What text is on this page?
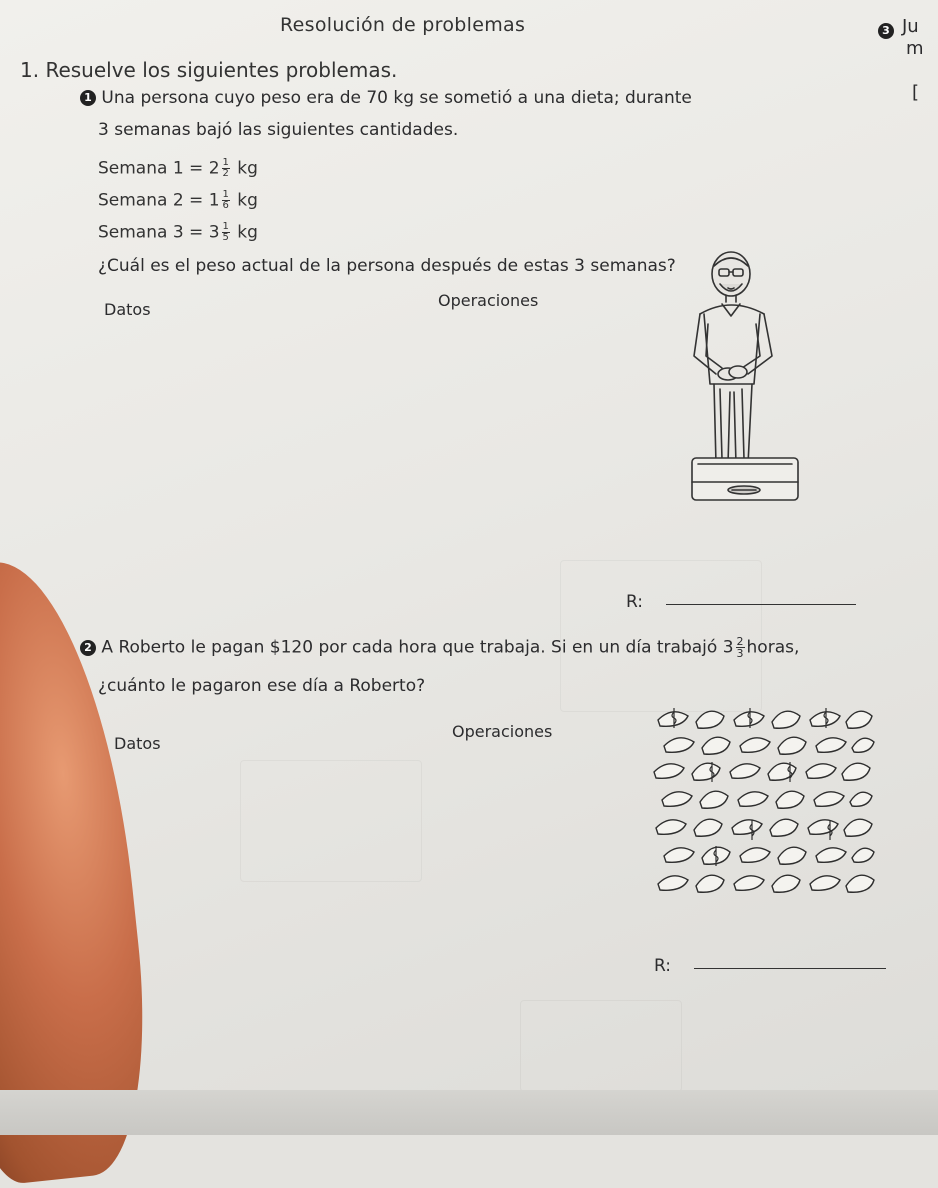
Resolución de problemas	3 Ju
m
[
1. Resuelve los siguientes problemas.
1 Una persona cuyo peso era de 70 kg se sometió a una dieta; durante
3 semanas bajó las siguientes cantidades.
Semana $1 = 2 \frac{1}{2}$ kg
Semana $2 = 1 \frac{1}{6}$ kg
Semana $3 = 3 \frac{1}{5}$ kg
¿Cuál es el peso actual de la persona después de estas 3 semanas?
Datos	Operaciones
R:
2 A Roberto le pagan $120 por cada hora que trabaja. Si en un día trabajó $3 \frac{2}{3}$ horas,
¿cuánto le pagaron ese día a Roberto?
Datos
Operaciones
R:
